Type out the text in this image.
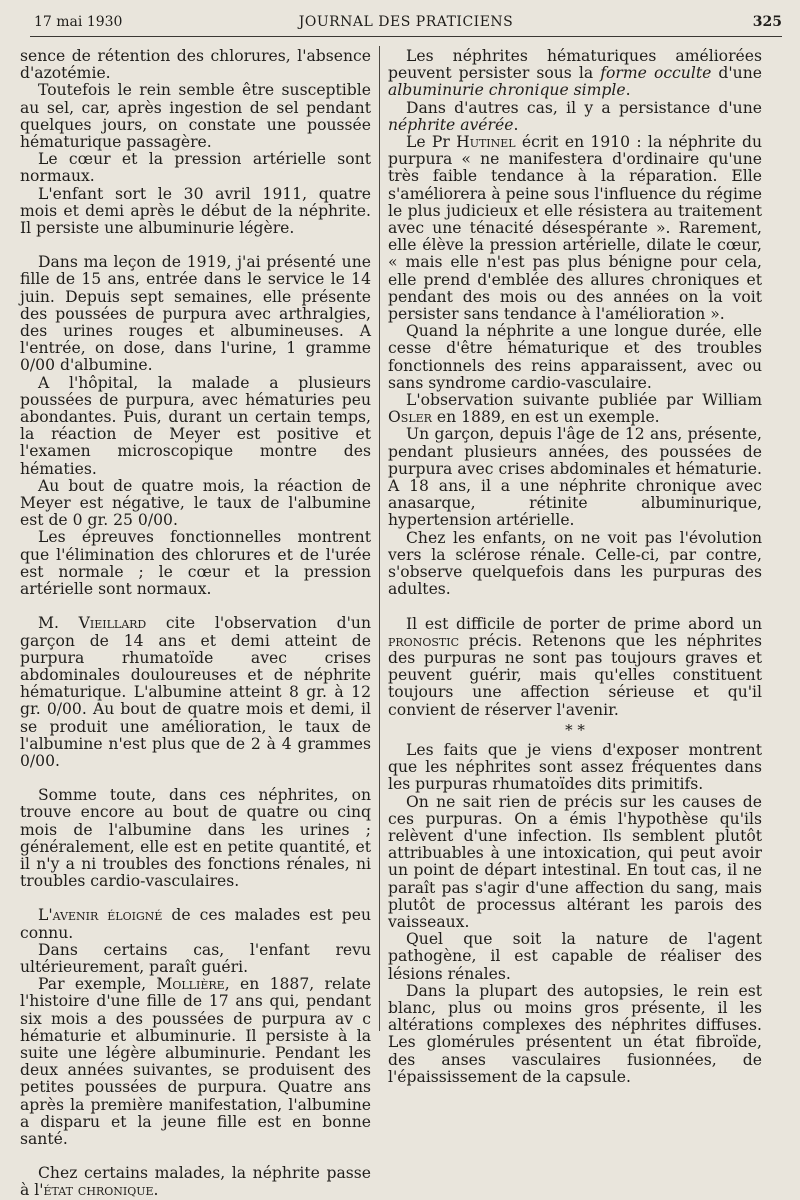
17 mai 1930	JOURNAL DES PRATICIENS	325

sence de rétention des chlorures, l'absence d'azotémie.

Toutefois le rein semble être susceptible au sel, car, après ingestion de sel pendant quelques jours, on constate une poussée hématurique passagère.

Le cœur et la pression artérielle sont normaux.

L'enfant sort le 30 avril 1911, quatre mois et demi après le début de la néphrite. Il persiste une albuminurie légère.

Dans ma leçon de 1919, j'ai présenté une fille de 15 ans, entrée dans le service le 14 juin. Depuis sept semaines, elle présente des poussées de purpura avec arthralgies, des urines rouges et albumineuses. A l'entrée, on dose, dans l'urine, 1 gramme 0/00 d'albumine.

A l'hôpital, la malade a plusieurs poussées de purpura, avec hématuries peu abondantes. Puis, durant un certain temps, la réaction de Meyer est positive et l'examen microscopique montre des hématies.

Au bout de quatre mois, la réaction de Meyer est négative, le taux de l'albumine est de 0 gr. 25 0/00.

Les épreuves fonctionnelles montrent que l'élimination des chlorures et de l'urée est normale ; le cœur et la pression artérielle sont normaux.

M. Vieillard cite l'observation d'un garçon de 14 ans et demi atteint de purpura rhumatoïde avec crises abdominales douloureuses et de néphrite hématurique. L'albumine atteint 8 gr. à 12 gr. 0/00. Au bout de quatre mois et demi, il se produit une amélioration, le taux de l'albumine n'est plus que de 2 à 4 grammes 0/00.

Somme toute, dans ces néphrites, on trouve encore au bout de quatre ou cinq mois de l'albumine dans les urines ; généralement, elle est en petite quantité, et il n'y a ni troubles des fonctions rénales, ni troubles cardio-vasculaires.

L'avenir éloigné de ces malades est peu connu.

Dans certains cas, l'enfant revu ultérieurement, paraît guéri.

Par exemple, Mollière, en 1887, relate l'histoire d'une fille de 17 ans qui, pendant six mois a des poussées de purpura av c hématurie et albuminurie. Il persiste à la suite une légère albuminurie. Pendant les deux années suivantes, se produisent des petites poussées de purpura. Quatre ans après la première manifestation, l'albumine a disparu et la jeune fille est en bonne santé.

Chez certains malades, la néphrite passe à l'état chronique.

Les néphrites hématuriques améliorées peuvent persister sous la forme occulte d'une albuminurie chronique simple.

Dans d'autres cas, il y a persistance d'une néphrite avérée.

Le Pr Hutinel écrit en 1910 : la néphrite du purpura « ne manifestera d'ordinaire qu'une très faible tendance à la réparation. Elle s'améliorera à peine sous l'influence du régime le plus judicieux et elle résistera au traitement avec une ténacité désespérante ». Rarement, elle élève la pression artérielle, dilate le cœur, « mais elle n'est pas plus bénigne pour cela, elle prend d'emblée des allures chroniques et pendant des mois ou des années on la voit persister sans tendance à l'amélioration ».

Quand la néphrite a une longue durée, elle cesse d'être hématurique et des troubles fonctionnels des reins apparaissent, avec ou sans syndrome cardio-vasculaire.

L'observation suivante publiée par William Osler en 1889, en est un exemple.

Un garçon, depuis l'âge de 12 ans, présente, pendant plusieurs années, des poussées de purpura avec crises abdominales et hématurie. A 18 ans, il a une néphrite chronique avec anasarque, rétinite albuminurique, hypertension artérielle.

Chez les enfants, on ne voit pas l'évolution vers la sclérose rénale. Celle-ci, par contre, s'observe quelquefois dans les purpuras des adultes.

Il est difficile de porter de prime abord un pronostic précis. Retenons que les néphrites des purpuras ne sont pas toujours graves et peuvent guérir, mais qu'elles constituent toujours une affection sérieuse et qu'il convient de réserver l'avenir.

* *

Les faits que je viens d'exposer montrent que les néphrites sont assez fréquentes dans les purpuras rhumatoïdes dits primitifs.

On ne sait rien de précis sur les causes de ces purpuras. On a émis l'hypothèse qu'ils relèvent d'une infection. Ils semblent plutôt attribuables à une intoxication, qui peut avoir un point de départ intestinal. En tout cas, il ne paraît pas s'agir d'une affection du sang, mais plutôt de processus altérant les parois des vaisseaux.

Quel que soit la nature de l'agent pathogène, il est capable de réaliser des lésions rénales.

Dans la plupart des autopsies, le rein est blanc, plus ou moins gros présente, il les altérations complexes des néphrites diffuses. Les glomérules présentent un état fibroïde, des anses vasculaires fusionnées, de l'épaississement de la capsule.
